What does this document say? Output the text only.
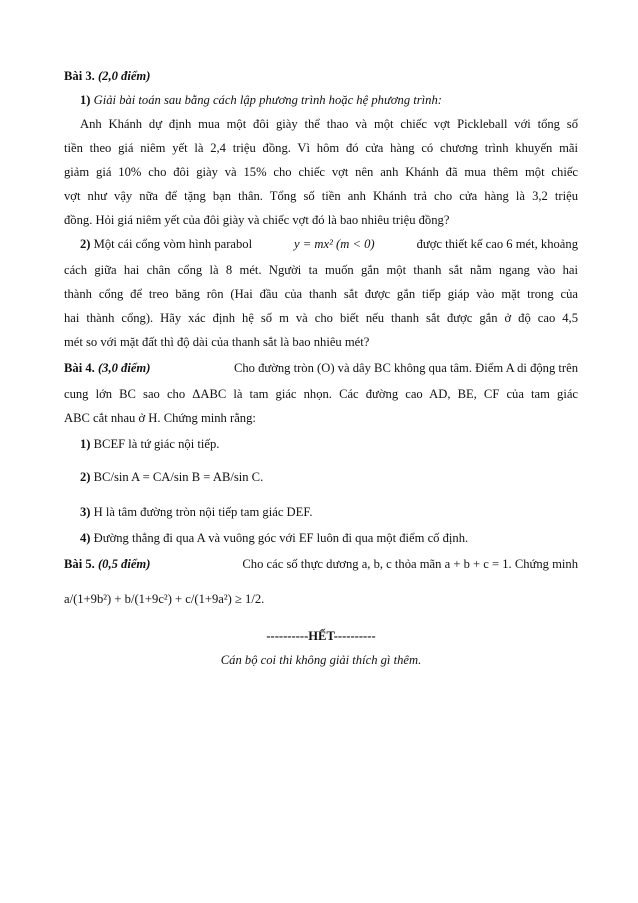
Bài 3. (2,0 điểm)
1) Giải bài toán sau bằng cách lập phương trình hoặc hệ phương trình:
Anh Khánh dự định mua một đôi giày thể thao và một chiếc vợt Pickleball với tổng số
tiền theo giá niêm yết là 2,4 triệu đồng. Vì hôm đó cửa hàng có chương trình khuyến mãi
giảm giá 10% cho đôi giày và 15% cho chiếc vợt nên anh Khánh đã mua thêm một chiếc
vợt như vậy nữa để tặng bạn thân. Tổng số tiền anh Khánh trả cho cửa hàng là 3,2 triệu
đồng. Hỏi giá niêm yết của đôi giày và chiếc vợt đó là bao nhiêu triệu đồng?
2) Một cái cổng vòm hình parabol	y = mx² (m < 0)	được thiết kế cao 6 mét, khoảng
cách giữa hai chân cổng là 8 mét. Người ta muốn gắn một thanh sắt nằm ngang vào hai
thành cổng để treo băng rôn (Hai đầu của thanh sắt được gắn tiếp giáp vào mặt trong của
hai thành cổng). Hãy xác định hệ số m và cho biết nếu thanh sắt được gắn ở độ cao 4,5
mét so với mặt đất thì độ dài của thanh sắt là bao nhiêu mét?
Bài 4. (3,0 điểm)	Cho đường tròn (O) và dây BC không qua tâm. Điểm A di động trên
cung lớn BC sao cho ΔABC là tam giác nhọn. Các đường cao AD, BE, CF của tam giác
ABC cắt nhau ở H. Chứng minh rằng:
1) BCEF là tứ giác nội tiếp.
2) BC/sin A = CA/sin B = AB/sin C.
3) H là tâm đường tròn nội tiếp tam giác DEF.
4) Đường thẳng đi qua A và vuông góc với EF luôn đi qua một điểm cố định.
Bài 5. (0,5 điểm)	Cho các số thực dương a, b, c thỏa mãn a + b + c = 1. Chứng minh
a/(1+9b²) + b/(1+9c²) + c/(1+9a²) ≥ 1/2.
----------HẾT----------
Cán bộ coi thi không giải thích gì thêm.
